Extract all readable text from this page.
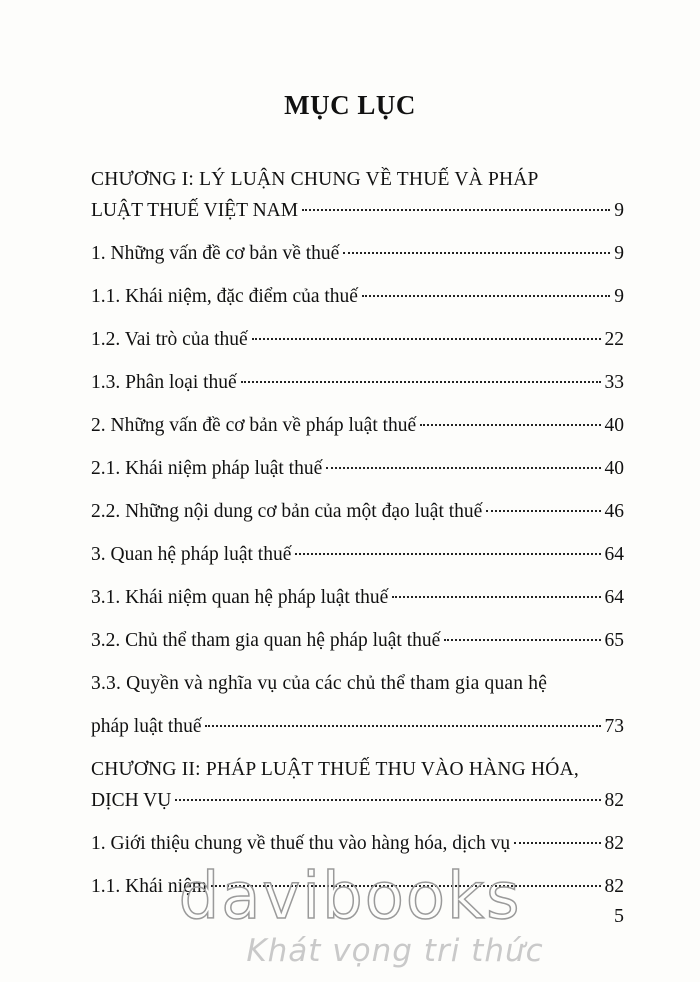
MỤC LỤC
CHƯƠNG I: LÝ LUẬN CHUNG VỀ THUẾ VÀ PHÁP
LUẬT THUẾ VIỆT NAM	9
1. Những vấn đề cơ bản về thuế	9
1.1. Khái niệm, đặc điểm của thuế	9
1.2. Vai trò của thuế	22
1.3. Phân loại thuế	33
2. Những vấn đề cơ bản về pháp luật thuế	40
2.1. Khái niệm pháp luật thuế	40
2.2. Những nội dung cơ bản của một đạo luật thuế	46
3. Quan hệ pháp luật thuế	64
3.1. Khái niệm quan hệ pháp luật thuế	64
3.2. Chủ thể tham gia quan hệ pháp luật thuế	65
3.3. Quyền và nghĩa vụ của các chủ thể tham gia quan hệ
pháp luật thuế	73
CHƯƠNG II: PHÁP LUẬT THUẾ THU VÀO HÀNG HÓA,
DỊCH VỤ	82
1. Giới thiệu chung về thuế thu vào hàng hóa, dịch vụ	82
1.1. Khái niệm	82
davibooks
Khát vọng tri thức
5
